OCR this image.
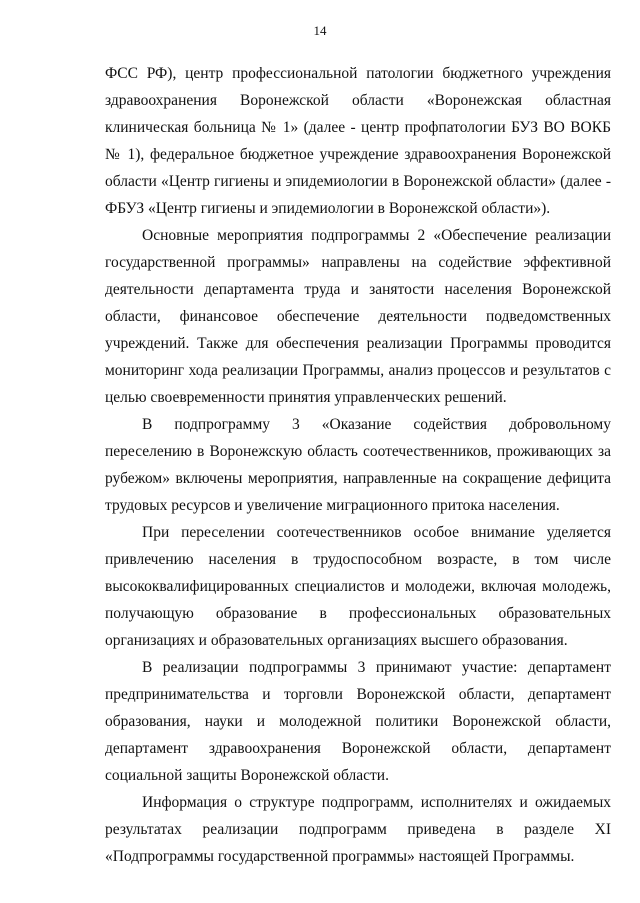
14

ФСС РФ), центр профессиональной патологии бюджетного учреждения здравоохранения Воронежской области «Воронежская областная клиническая больница № 1» (далее - центр профпатологии БУЗ ВО ВОКБ № 1), федеральное бюджетное учреждение здравоохранения Воронежской области «Центр гигиены и эпидемиологии в Воронежской области» (далее - ФБУЗ «Центр гигиены и эпидемиологии в Воронежской области»).

Основные мероприятия подпрограммы 2 «Обеспечение реализации государственной программы» направлены на содействие эффективной деятельности департамента труда и занятости населения Воронежской области, финансовое обеспечение деятельности подведомственных учреждений. Также для обеспечения реализации Программы проводится мониторинг хода реализации Программы, анализ процессов и результатов с целью своевременности принятия управленческих решений.

В подпрограмму 3 «Оказание содействия добровольному переселению в Воронежскую область соотечественников, проживающих за рубежом» включены мероприятия, направленные на сокращение дефицита трудовых ресурсов и увеличение миграционного притока населения.

При переселении соотечественников особое внимание уделяется привлечению населения в трудоспособном возрасте, в том числе высококвалифицированных специалистов и молодежи, включая молодежь, получающую образование в профессиональных образовательных организациях и образовательных организациях высшего образования.

В реализации подпрограммы 3 принимают участие: департамент предпринимательства и торговли Воронежской области, департамент образования, науки и молодежной политики Воронежской области, департамент здравоохранения Воронежской области, департамент социальной защиты Воронежской области.

Информация о структуре подпрограмм, исполнителях и ожидаемых результатах реализации подпрограмм приведена в разделе XI «Подпрограммы государственной программы» настоящей Программы.
